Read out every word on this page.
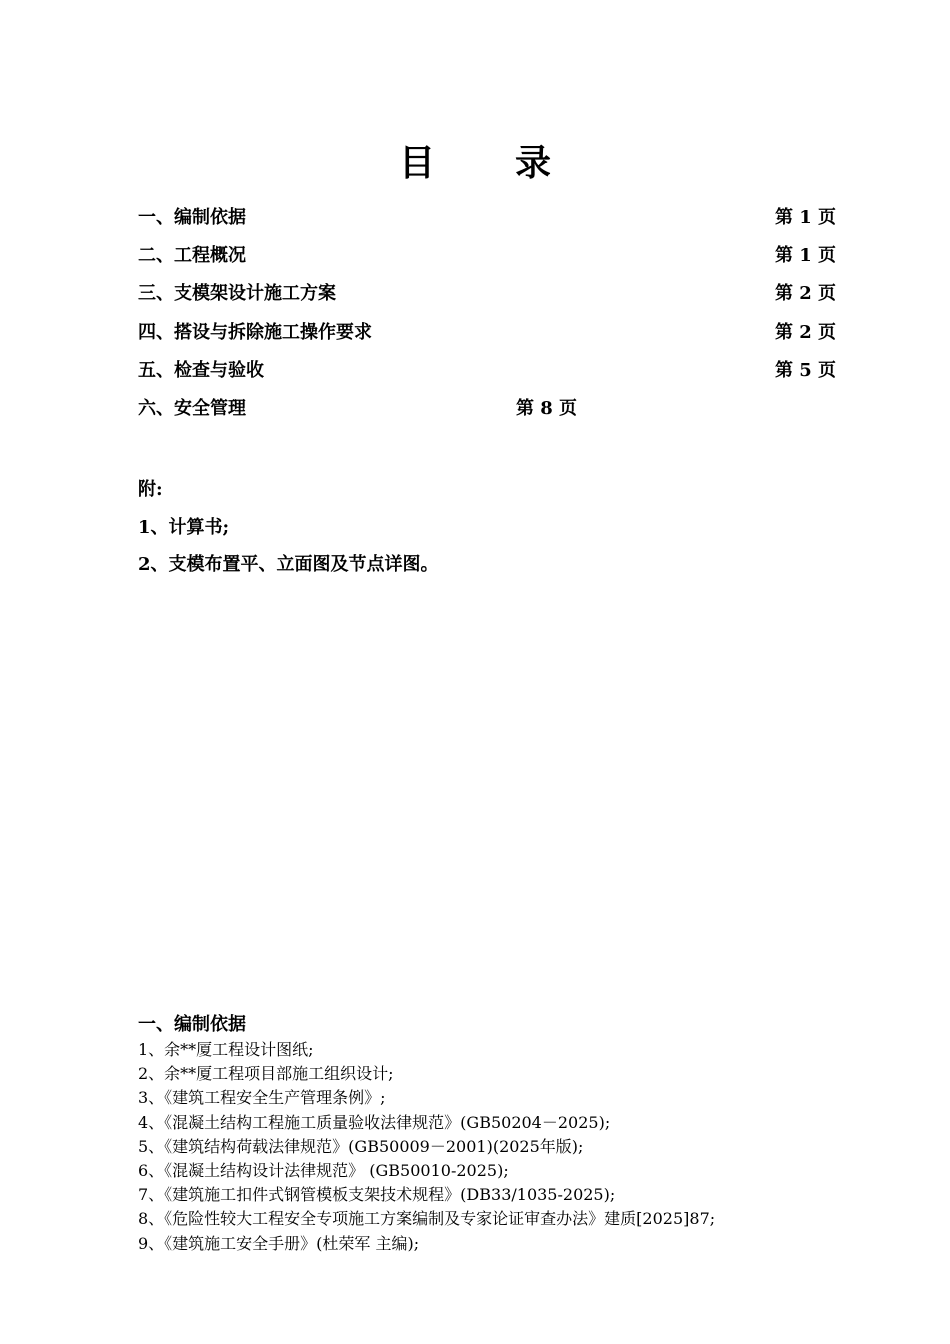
目 录
一、编制依据	第 1 页
二、工程概况	第 1 页
三、支模架设计施工方案	第 2 页
四、搭设与拆除施工操作要求	第 2 页
五、检查与验收	第 5 页
六、安全管理	第 8 页
附:
1、计算书;
2、支模布置平、立面图及节点详图。
一、编制依据
1、余**厦工程设计图纸;
2、余**厦工程项目部施工组织设计;
3、《建筑工程安全生产管理条例》;
4、《混凝土结构工程施工质量验收法律规范》(GB50204－2025);
5、《建筑结构荷载法律规范》(GB50009－2001)(2025年版);
6、《混凝土结构设计法律规范》 (GB50010-2025);
7、《建筑施工扣件式钢管模板支架技术规程》(DB33/1035-2025);
8、《危险性较大工程安全专项施工方案编制及专家论证审查办法》建质[2025]87;
9、《建筑施工安全手册》(杜荣军 主编);
